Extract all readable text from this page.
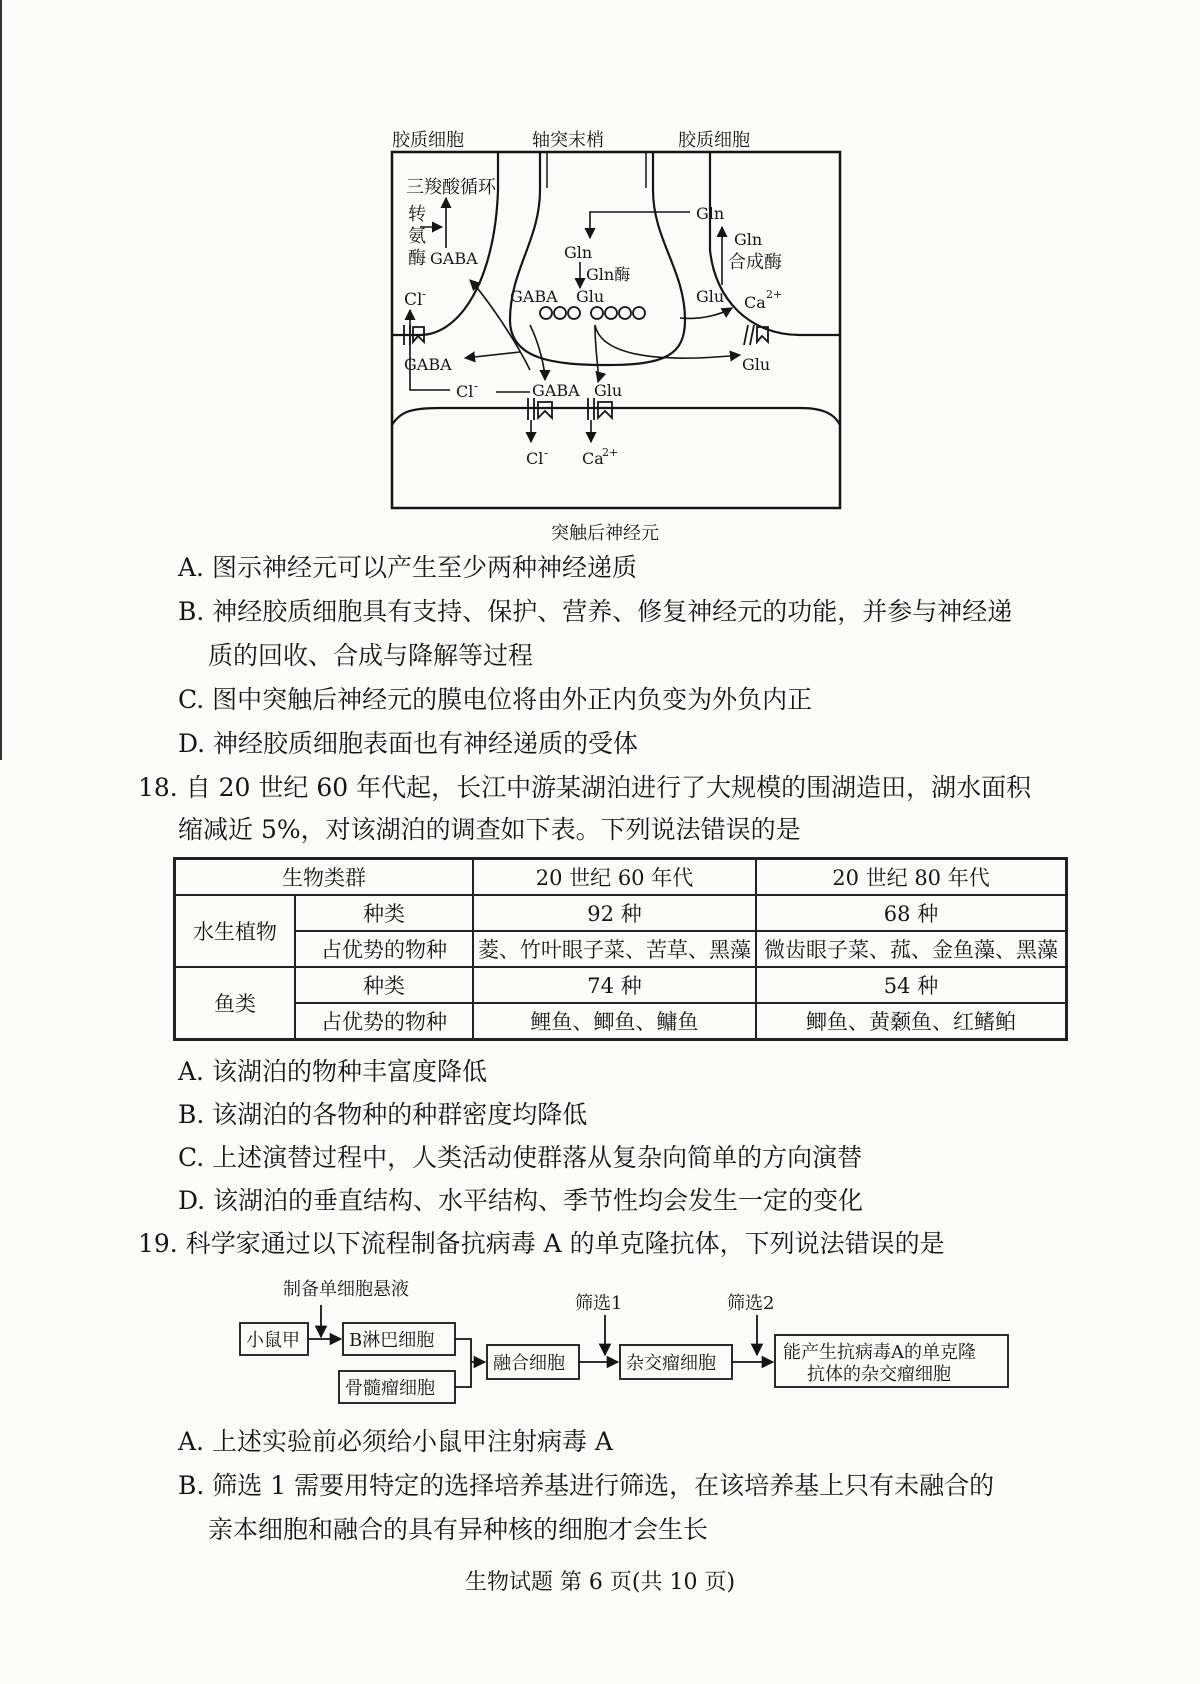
胶质细胞	轴突末梢	胶质细胞
三羧酸循环
转
氨
酶 GABA
Cl -
GABA
Gln
Gln酶
GABA Glu
Gln
Gln
合成酶
Glu Ca 2+
Glu
Cl -	GABA Glu
Cl - Ca
2+
突触后神经元
A. 图示神经元可以产生至少两种神经递质
B. 神经胶质细胞具有支持、保护、营养、修复神经元的功能，并参与神经递
质的回收、合成与降解等过程
C. 图中突触后神经元的膜电位将由外正内负变为外负内正
D. 神经胶质细胞表面也有神经递质的受体
18. 自 20 世纪 60 年代起，长江中游某湖泊进行了大规模的围湖造田，湖水面积
缩减近 5%，对该湖泊的调查如下表。下列说法错误的是
生物类群		20 世纪 60 年代	20 世纪 80 年代
水生植物	种类	92 种	68 种
	占优势的物种	菱、竹叶眼子菜、苦草、黑藻	微齿眼子菜、菰、金鱼藻、黑藻
鱼类	种类	74 种	54 种
	占优势的物种	鲤鱼、鲫鱼、鳙鱼	鲫鱼、黄颡鱼、红鳍鲌
A. 该湖泊的物种丰富度降低
B. 该湖泊的各物种的种群密度均降低
C. 上述演替过程中，人类活动使群落从复杂向简单的方向演替
D. 该湖泊的垂直结构、水平结构、季节性均会发生一定的变化
19. 科学家通过以下流程制备抗病毒 A 的单克隆抗体，下列说法错误的是
制备单细胞悬液
小鼠甲	B淋巴细胞
骨髓瘤细胞
融合细胞
筛选1
杂交瘤细胞
筛选2
能产生抗病毒A的单克隆
抗体的杂交瘤细胞
A. 上述实验前必须给小鼠甲注射病毒 A
B. 筛选 1 需要用特定的选择培养基进行筛选，在该培养基上只有未融合的
亲本细胞和融合的具有异种核的细胞才会生长
生物试题 第 6 页(共 10 页)
